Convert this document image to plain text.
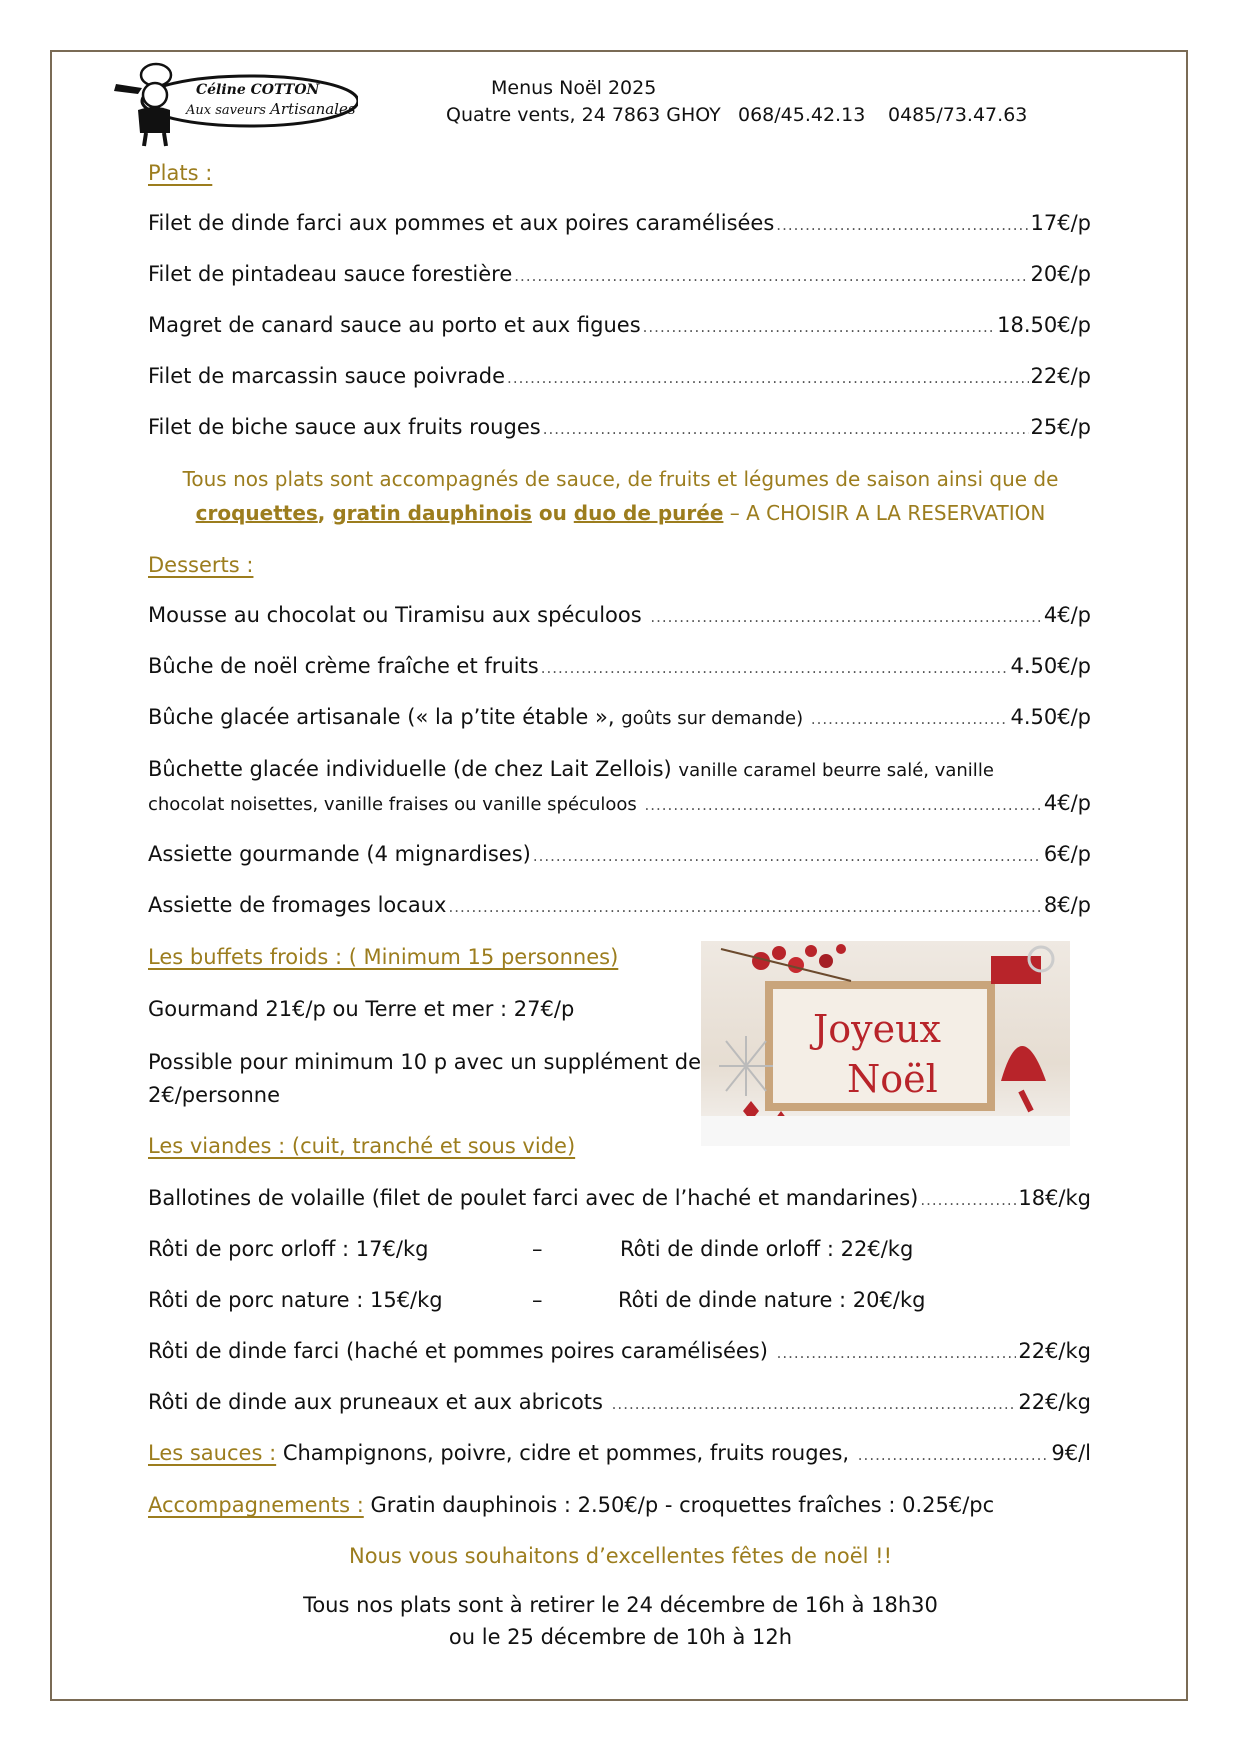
Céline COTTON
Aux saveurs Artisanales
Menus Noël 2025
Quatre vents, 24 7863 GHOY 068/45.42.13 0485/73.47.63
Plats :
Filet de dinde farci aux pommes et aux poires caramélisées .....	17€/p
Filet de pintadeau sauce forestière .....	20€/p
Magret de canard sauce au porto et aux figues .....	18.50€/p
Filet de marcassin sauce poivrade .....	22€/p
Filet de biche sauce aux fruits rouges .....	25€/p
Tous nos plats sont accompagnés de sauce, de fruits et légumes de saison ainsi que de
croquettes, gratin dauphinois ou duo de purée – A CHOISIR A LA RESERVATION
Desserts :
Mousse au chocolat ou Tiramisu aux spéculoos .....	4€/p
Bûche de noël crème fraîche et fruits .....	4.50€/p
Bûche glacée artisanale (« la p’tite étable », goûts sur demande) .....	4.50€/p
Bûchette glacée individuelle (de chez Lait Zellois) vanille caramel beurre salé, vanille
chocolat noisettes, vanille fraises ou vanille spéculoos .....	4€/p
Assiette gourmande (4 mignardises) .....	6€/p
Assiette de fromages locaux .....	8€/p
Les buffets froids : ( Minimum 15 personnes)
Gourmand 21€/p ou Terre et mer : 27€/p
Possible pour minimum 10 p avec un supplément de
2€/personne
Joyeux
Noël
Les viandes : (cuit, tranché et sous vide)
Ballotines de volaille (filet de poulet farci avec de l’haché et mandarines) .....	18€/kg
Rôti de porc orloff : 17€/kg	–	Rôti de dinde orloff : 22€/kg
Rôti de porc nature : 15€/kg	–	Rôti de dinde nature : 20€/kg
Rôti de dinde farci (haché et pommes poires caramélisées) .....	22€/kg
Rôti de dinde aux pruneaux et aux abricots .....	22€/kg
Les sauces : Champignons, poivre, cidre et pommes, fruits rouges, .....	9€/l
Accompagnements : Gratin dauphinois : 2.50€/p - croquettes fraîches : 0.25€/pc
Nous vous souhaitons d’excellentes fêtes de noël !!
Tous nos plats sont à retirer le 24 décembre de 16h à 18h30
ou le 25 décembre de 10h à 12h
